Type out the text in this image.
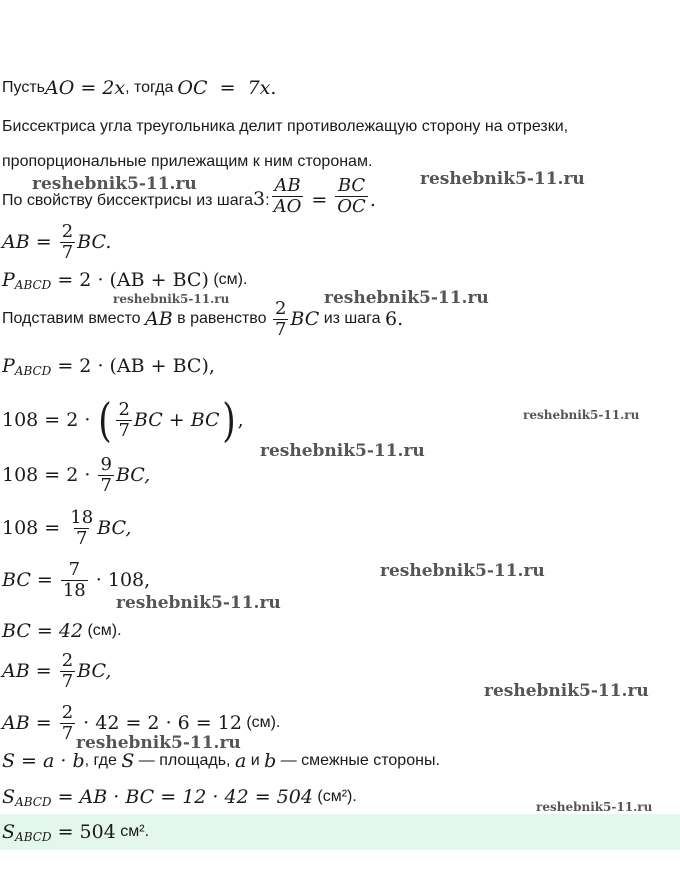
Пусть AO = 2x , тогда OC  =  7x .
Биссектриса угла треугольника делит противолежащую сторону на отрезки,
пропорциональные прилежащим к ним сторонам.
По свойству биссектрисы из шага 3 : $\frac{AB}{AO} = \frac{BC}{OC}$ .
AB = $\frac{2}{7}$ BC.
P ABCD = 2 · (AB + BC) (см).
Подставим вместо AB в равенство $\frac{2}{7}$ BC из шага 6 .
P ABCD = 2 · (AB + BC),
108 = 2 · ( $\frac{2}{7}$ BC + BC ) ,
$108 = 2 \cdot \frac{9}{7}$ BC,
$108 = \frac{18}{7}$ BC,
BC = $\frac{7}{18} \cdot 108$,
BC = 42 (см).
AB = $\frac{2}{7}$ BC,
AB = $\frac{2}{7} \cdot 42 = 2 \cdot 6 = 12$ (см).
S = a · b , где S — площадь, a и b — смежные стороны.
S ABCD = AB · BC = 12 · 42 = 504 (см²).
S ABCD = 504 см².
reshebnik5-11.ru	reshebnik5-11.ru
reshebnik5-11.ru	reshebnik5-11.ru
reshebnik5-11.ru
reshebnik5-11.ru
reshebnik5-11.ru
reshebnik5-11.ru
reshebnik5-11.ru
reshebnik5-11.ru
reshebnik5-11.ru
